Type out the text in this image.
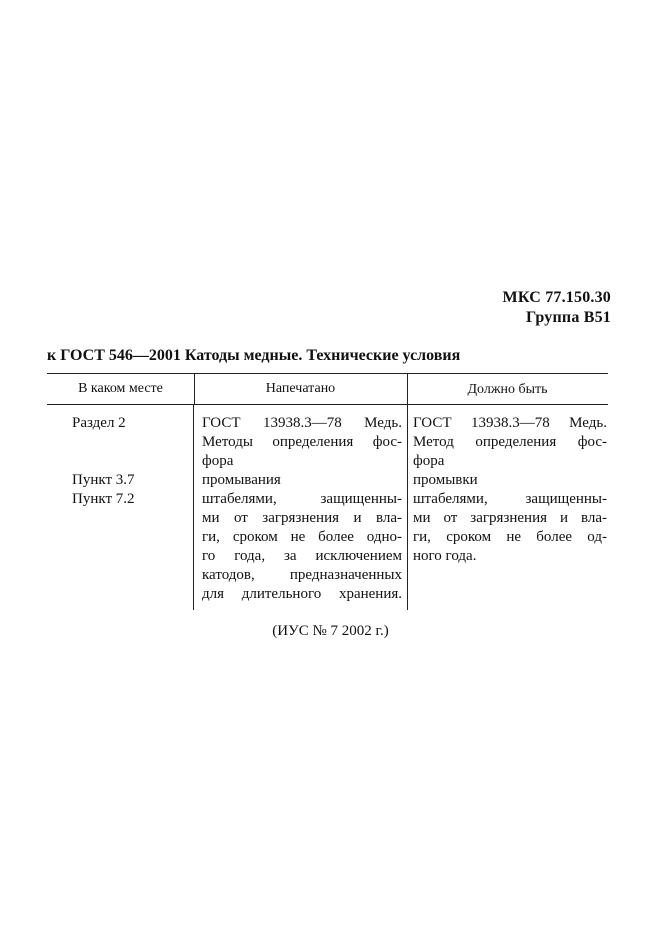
МКС 77.150.30
Группа В51
к ГОСТ 546—2001 Катоды медные. Технические условия
В каком месте	Напечатано	Должно быть
Раздел 2
Пункт 3.7
Пункт 7.2
ГОСТ 13938.3—78 Медь.
Методы определения фос-
фора
промывания
штабелями, защищенны-
ми от загрязнения и вла-
ги, сроком не более одно-
го года, за исключением
катодов, предназначенных
для длительного хранения.
ГОСТ 13938.3—78 Медь.
Метод определения фос-
фора
промывки
штабелями, защищенны-
ми от загрязнения и вла-
ги, сроком не более од-
ного года.
(ИУС № 7 2002 г.)
